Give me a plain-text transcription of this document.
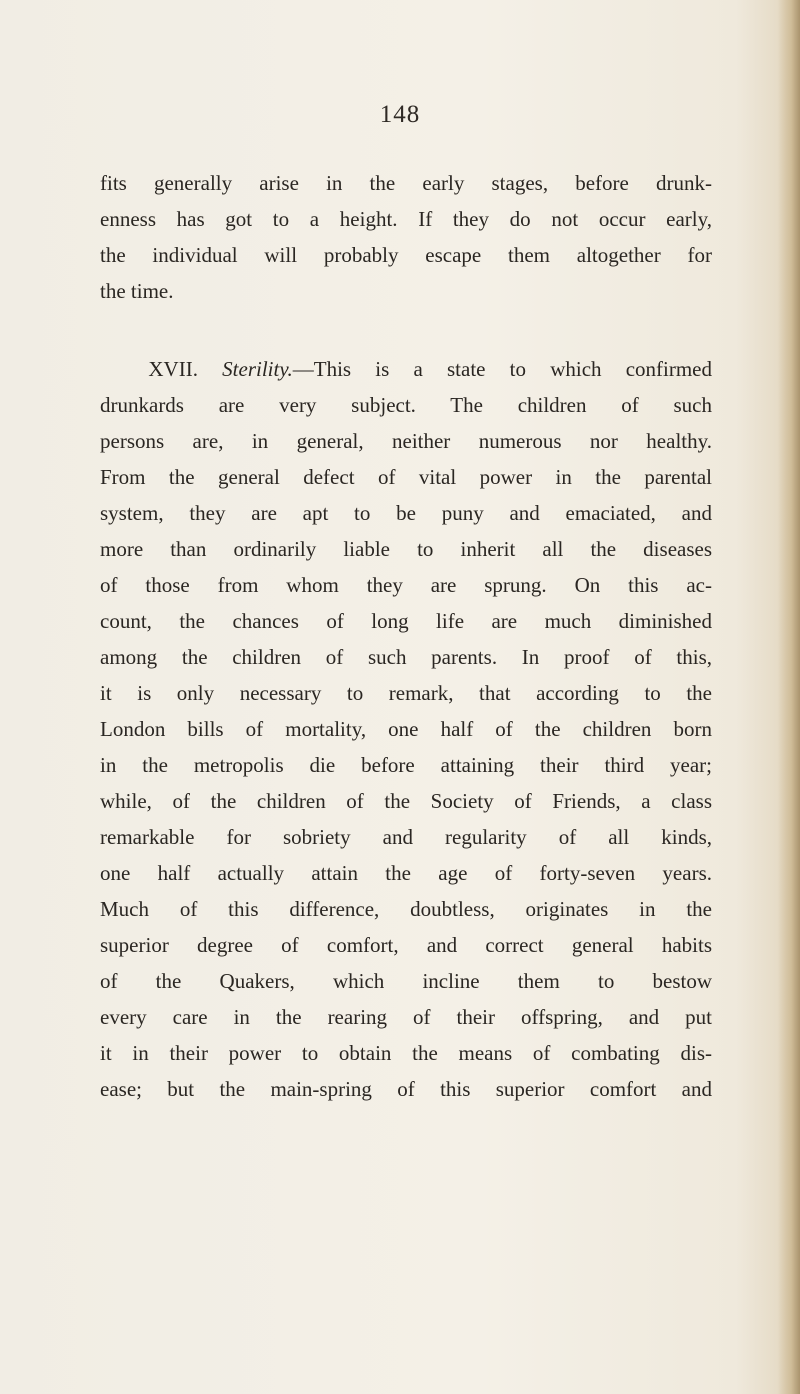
148
fits generally arise in the early stages, before drunk-
enness has got to a height. If they do not occur early,
the individual will probably escape them altogether for
the time.
XVII. Sterility.—This is a state to which confirmed
drunkards are very subject. The children of such
persons are, in general, neither numerous nor healthy.
From the general defect of vital power in the parental
system, they are apt to be puny and emaciated, and
more than ordinarily liable to inherit all the diseases
of those from whom they are sprung. On this ac-
count, the chances of long life are much diminished
among the children of such parents. In proof of this,
it is only necessary to remark, that according to the
London bills of mortality, one half of the children born
in the metropolis die before attaining their third year;
while, of the children of the Society of Friends, a class
remarkable for sobriety and regularity of all kinds,
one half actually attain the age of forty-seven years.
Much of this difference, doubtless, originates in the
superior degree of comfort, and correct general habits
of the Quakers, which incline them to bestow
every care in the rearing of their offspring, and put
it in their power to obtain the means of combating dis-
ease; but the main-spring of this superior comfort and
